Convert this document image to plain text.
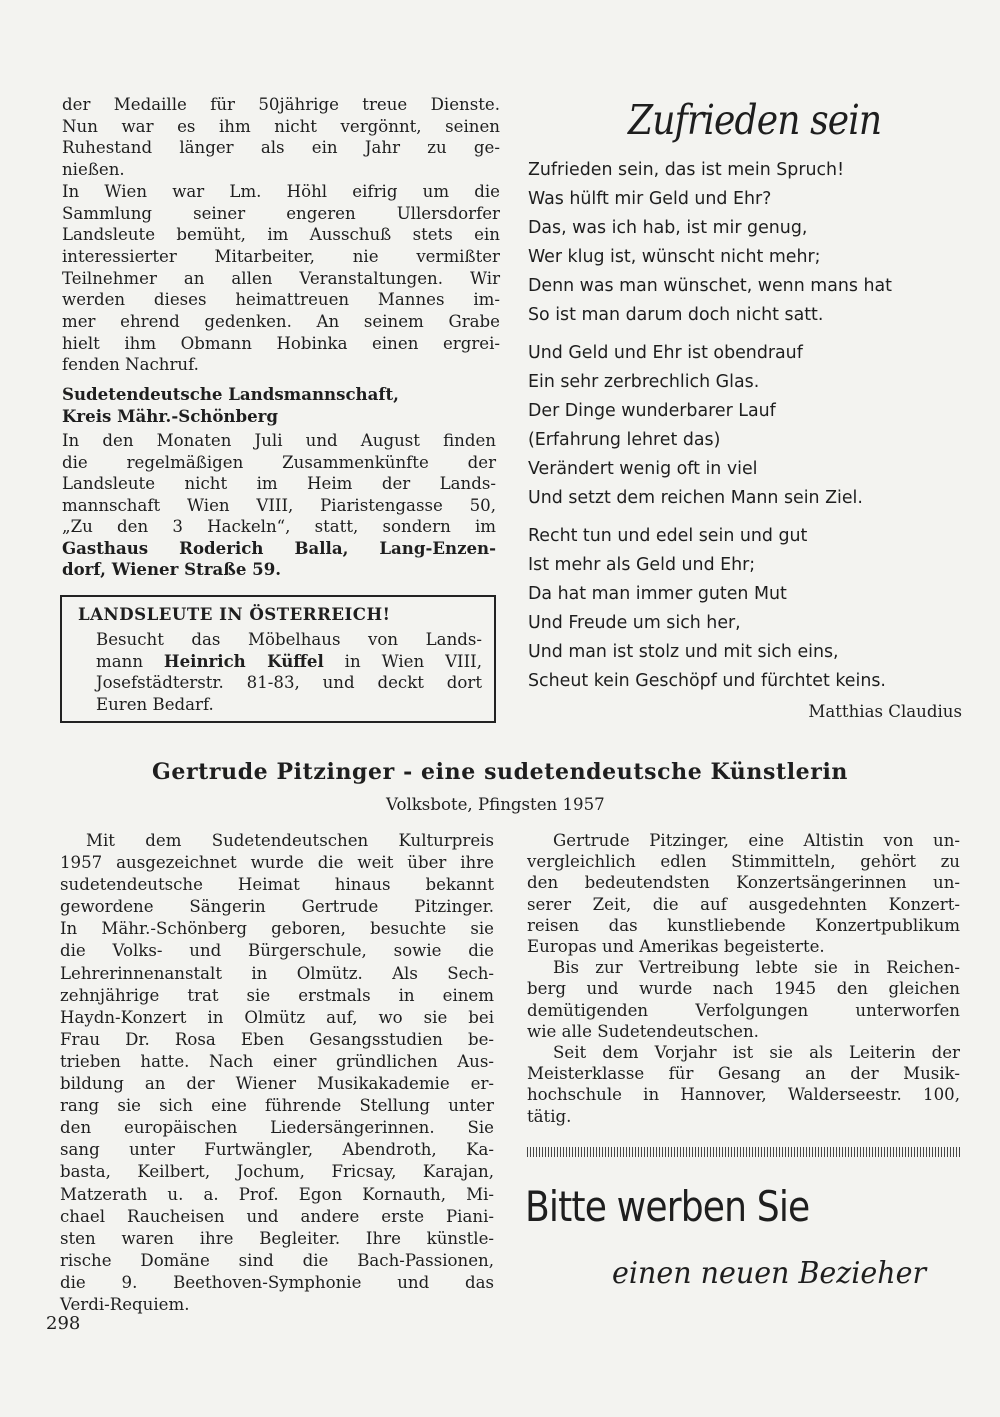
der Medaille für 50jährige treue Dienste.
Nun war es ihm nicht vergönnt, seinen
Ruhestand länger als ein Jahr zu ge-
nießen.
In Wien war Lm. Höhl eifrig um die
Sammlung seiner engeren Ullersdorfer
Landsleute bemüht, im Ausschuß stets ein
interessierter Mitarbeiter, nie vermißter
Teilnehmer an allen Veranstaltungen. Wir
werden dieses heimattreuen Mannes im-
mer ehrend gedenken. An seinem Grabe
hielt ihm Obmann Hobinka einen ergrei-
fenden Nachruf.
Sudetendeutsche Landsmannschaft,
Kreis Mähr.-Schönberg
In den Monaten Juli und August finden
die regelmäßigen Zusammenkünfte der
Landsleute nicht im Heim der Lands-
mannschaft Wien VIII, Piaristengasse 50,
„Zu den 3 Hackeln“, statt, sondern im
Gasthaus Roderich Balla, Lang-Enzen-
dorf, Wiener Straße 59.
LANDSLEUTE IN ÖSTERREICH!
Besucht das Möbelhaus von Lands-
mann Heinrich Küffel in Wien VIII,
Josefstädterstr. 81-83, und deckt dort
Euren Bedarf.
Zufrieden sein
Zufrieden sein, das ist mein Spruch!
Was hülft mir Geld und Ehr?
Das, was ich hab, ist mir genug,
Wer klug ist, wünscht nicht mehr;
Denn was man wünschet, wenn mans hat
So ist man darum doch nicht satt.
Und Geld und Ehr ist obendrauf
Ein sehr zerbrechlich Glas.
Der Dinge wunderbarer Lauf
(Erfahrung lehret das)
Verändert wenig oft in viel
Und setzt dem reichen Mann sein Ziel.
Recht tun und edel sein und gut
Ist mehr als Geld und Ehr;
Da hat man immer guten Mut
Und Freude um sich her,
Und man ist stolz und mit sich eins,
Scheut kein Geschöpf und fürchtet keins.
Matthias Claudius
Gertrude Pitzinger - eine sudetendeutsche Künstlerin
Volksbote, Pfingsten 1957
Mit dem Sudetendeutschen Kulturpreis
1957 ausgezeichnet wurde die weit über ihre
sudetendeutsche Heimat hinaus bekannt
gewordene Sängerin Gertrude Pitzinger.
In Mähr.-Schönberg geboren, besuchte sie
die Volks- und Bürgerschule, sowie die
Lehrerinnenanstalt in Olmütz. Als Sech-
zehnjährige trat sie erstmals in einem
Haydn-Konzert in Olmütz auf, wo sie bei
Frau Dr. Rosa Eben Gesangsstudien be-
trieben hatte. Nach einer gründlichen Aus-
bildung an der Wiener Musikakademie er-
rang sie sich eine führende Stellung unter
den europäischen Liedersängerinnen. Sie
sang unter Furtwängler, Abendroth, Ka-
basta, Keilbert, Jochum, Fricsay, Karajan,
Matzerath u. a. Prof. Egon Kornauth, Mi-
chael Raucheisen und andere erste Piani-
sten waren ihre Begleiter. Ihre künstle-
rische Domäne sind die Bach-Passionen,
die 9. Beethoven-Symphonie und das
Verdi-Requiem.
Gertrude Pitzinger, eine Altistin von un-
vergleichlich edlen Stimmitteln, gehört zu
den bedeutendsten Konzertsängerinnen un-
serer Zeit, die auf ausgedehnten Konzert-
reisen das kunstliebende Konzertpublikum
Europas und Amerikas begeisterte.
Bis zur Vertreibung lebte sie in Reichen-
berg und wurde nach 1945 den gleichen
demütigenden Verfolgungen unterworfen
wie alle Sudetendeutschen.
Seit dem Vorjahr ist sie als Leiterin der
Meisterklasse für Gesang an der Musik-
hochschule in Hannover, Walderseestr. 100,
tätig.
Bitte werben Sie
einen neuen Bezieher
298
